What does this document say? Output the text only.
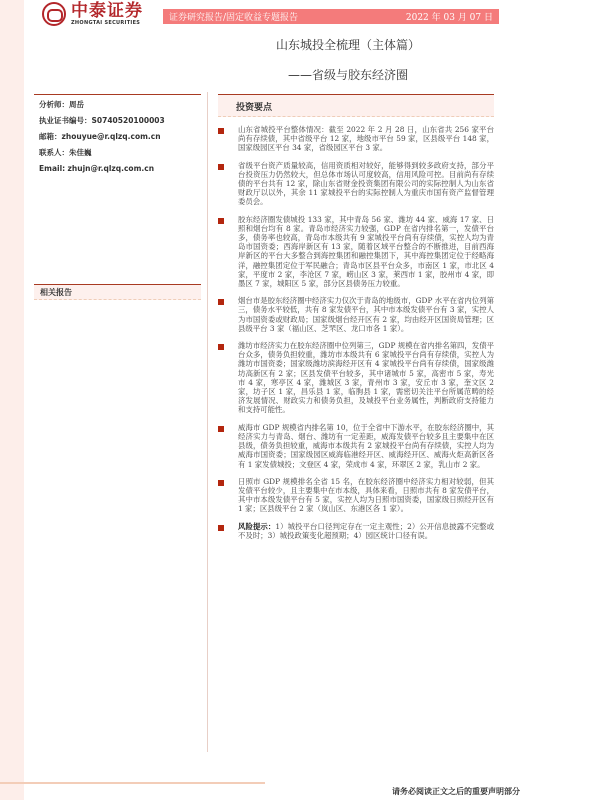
中泰证券
ZHONGTAI SECURITIES	证券研究报告/固定收益专题报告	2022 年 03 月 07 日
山东城投全梳理（主体篇）
——省级与胶东经济圈
分析师：周岳
执业证书编号：S0740520100003
邮箱：zhouyue@r.qlzq.com.cn
联系人：朱佳巍
Email: zhujn@r.qlzq.com.cn
相关报告
投资要点
山东省城投平台整体情况：截至 2022 年 2 月 28 日，山东省共 256 家平台尚有存续债，其中省级平台 12 家，地级市平台 59 家，区县级平台 148 家，国家级园区平台 34 家，省级园区平台 3 家。
省级平台资产质量较高，信用资质相对较好，能够得到较多政府支持，部分平台投资压力仍然较大，但总体市场认可度较高，信用风险可控。目前尚有存续债的平台共有 12 家，除山东省财金投资集团有限公司的实际控制人为山东省财政厅以以外，其余 11 家城投平台的实际控制人为重庆市国有资产监督管理委员会。
胶东经济圈发债城投 133 家，其中青岛 56 家、潍坊 44 家、威海 17 家、日照和烟台均有 8 家。青岛市经济实力较强，GDP 在省内排名第一，发债平台多，债务率也较高，青岛市本级共有 9 家城投平台尚有存续债，实控人均为青岛市国资委；西海岸新区有 13 家，随着区域平台整合的不断推进，目前西海岸新区的平台大多整合到海控集团和融控集团下，其中海控集团定位于经略海洋，融控集团定位于军民融合；青岛市区县平台众多，市南区 1 家，市北区 4 家，平度市 2 家，李沧区 7 家，崂山区 3 家，莱西市 1 家，胶州市 4 家，即墨区 7 家，城阳区 5 家，部分区县债务压力较重。
烟台市是胶东经济圈中经济实力仅次于青岛的地级市，GDP 水平在省内位列第三，债务水平较低，共有 8 家发债平台，其中市本级发债平台有 3 家，实控人为市国资委或财政局；国家级烟台经开区有 2 家，均由经开区国资局管理；区县级平台 3 家（福山区、芝罘区、龙口市各 1 家）。
潍坊市经济实力在胶东经济圈中位列第三，GDP 规模在省内排名第四，发债平台众多，债务负担较重，潍坊市本级共有 6 家城投平台尚有存续债，实控人为潍坊市国资委；国家级潍坊滨海经开区有 4 家城投平台尚有存续债，国家级潍坊高新区有 2 家；区县发债平台较多，其中诸城市 5 家，高密市 5 家，寿光市 4 家，寒亭区 4 家，潍城区 3 家，青州市 3 家，安丘市 3 家，奎文区 2 家，坊子区 1 家，昌乐县 1 家，临朐县 1 家，需密切关注平台所属范畴的经济发展情况、财政实力和债务负担，及城投平台业务属性，判断政府支持能力和支持可能性。
威海市 GDP 规模省内排名第 10，位于全省中下游水平，在胶东经济圈中，其经济实力与青岛、烟台、潍坊有一定差距，威海发债平台较多且主要集中在区县级，债务负担较重，威海市本级共有 2 家城投平台尚有存续债，实控人均为威海市国资委；国家级园区威海临港经开区、威海经开区、威海火炬高新区各有 1 家发债城投；文登区 4 家，荣成市 4 家，环翠区 2 家，乳山市 2 家。
日照市 GDP 规模排名全省 15 名，在胶东经济圈中经济实力相对较弱，但其发债平台较少，且主要集中在市本级，具体来看，日照市共有 8 家发债平台，其中市本级发债平台有 5 家，实控人均为日照市国资委，国家级日照经开区有 1 家；区县级平台 2 家（岚山区、东港区各 1 家）。
风险提示：1）城投平台口径判定存在一定主观性；2）公开信息披露不完整或不及时；3）城投政策变化超预期；4）园区统计口径有误。
请务必阅读正文之后的重要声明部分
